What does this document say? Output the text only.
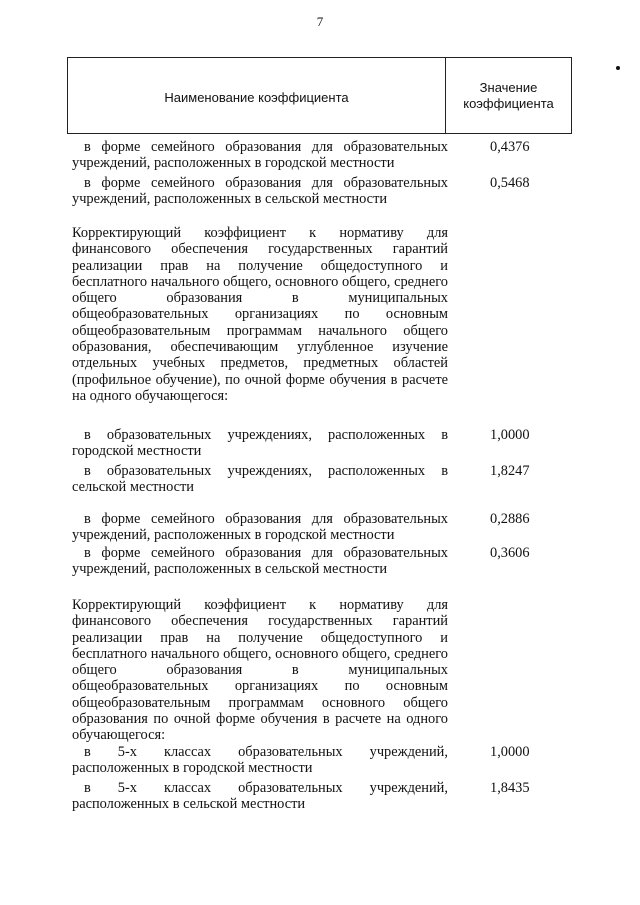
7
Наименование коэффициента
Значение
коэффициента
в форме семейного образования для образовательных учреждений, расположенных в городской местности
0,4376
в форме семейного образования для образовательных учреждений, расположенных в сельской местности
0,5468
Корректирующий коэффициент к нормативу для финансового обеспечения государственных гарантий реализации прав на получение общедоступного и бесплатного начального общего, основного общего, среднего общего образования в муниципальных общеобразовательных организациях по основным общеобразовательным программам начального общего образования, обеспечивающим углубленное изучение отдельных учебных предметов, предметных областей (профильное обучение), по очной форме обучения в расчете на одного обучающегося:
в образовательных учреждениях, расположенных в городской местности
1,0000
в образовательных учреждениях, расположенных в сельской местности
1,8247
в форме семейного образования для образовательных учреждений, расположенных в городской местности
0,2886
в форме семейного образования для образовательных учреждений, расположенных в сельской местности
0,3606
Корректирующий коэффициент к нормативу для финансового обеспечения государственных гарантий реализации прав на получение общедоступного и бесплатного начального общего, основного общего, среднего общего образования в муниципальных общеобразовательных организациях по основным общеобразовательным программам основного общего образования по очной форме обучения в расчете на одного обучающегося:
в 5-х классах образовательных учреждений, расположенных в городской местности
1,0000
в 5-х классах образовательных учреждений, расположенных в сельской местности
1,8435
